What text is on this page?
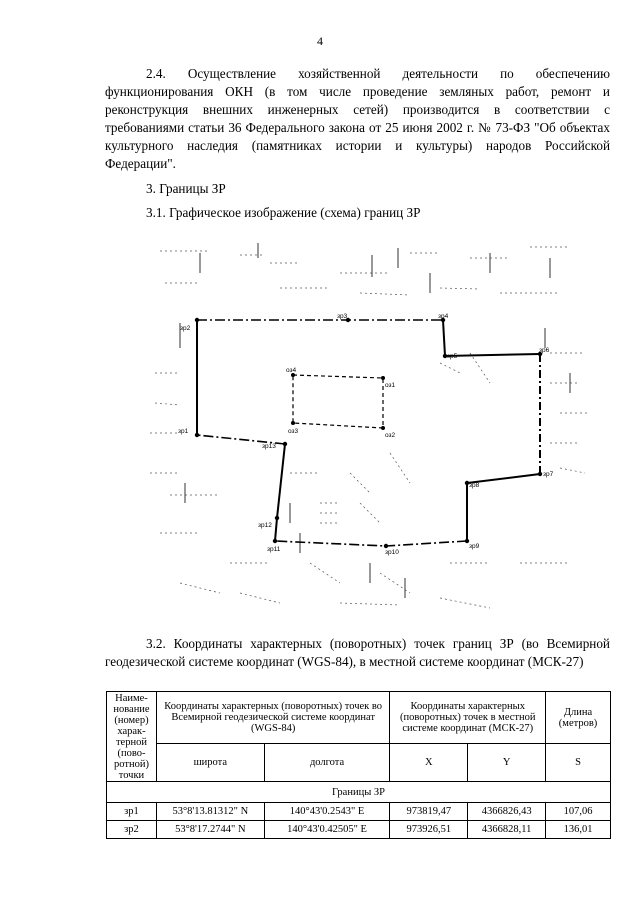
4
2.4. Осуществление хозяйственной деятельности по обеспечению функционирования ОКН (в том числе проведение земляных работ, ремонт и реконструкция внешних инженерных сетей) производится в соответствии с требованиями статьи 36 Федерального закона от 25 июня 2002 г. № 73-ФЗ "Об объектах культурного наследия (памятниках истории и культуры) народов Российской Федерации".
3. Границы ЗР
3.1. Графическое изображение (схема) границ ЗР
зр1
зр2
зр3	зр4
зр5
зр6
зр7
зр8
зр9
зр10
зр11
зр12
зр13
оз1
оз2
оз3
оз4
3.2. Координаты характерных (поворотных) точек границ ЗР (во Всемирной геодезической системе координат (WGS-84), в местной системе координат (МСК-27)
Наиме-нование (номер) харак-терной (пово-ротной) точки	Координаты характерных (поворотных) точек во Всемирной геодезической системе координат (WGS-84)		Координаты характерных (поворотных) точек в местной системе координат (МСК-27)		Длина (метров)
	широта	долгота	X	Y	S
Границы ЗР					
зр1	53°8'13.81312" N	140°43'0.2543" E	973819,47	4366826,43	107,06
зр2	53°8'17.2744" N	140°43'0.42505" E	973926,51	4366828,11	136,01
